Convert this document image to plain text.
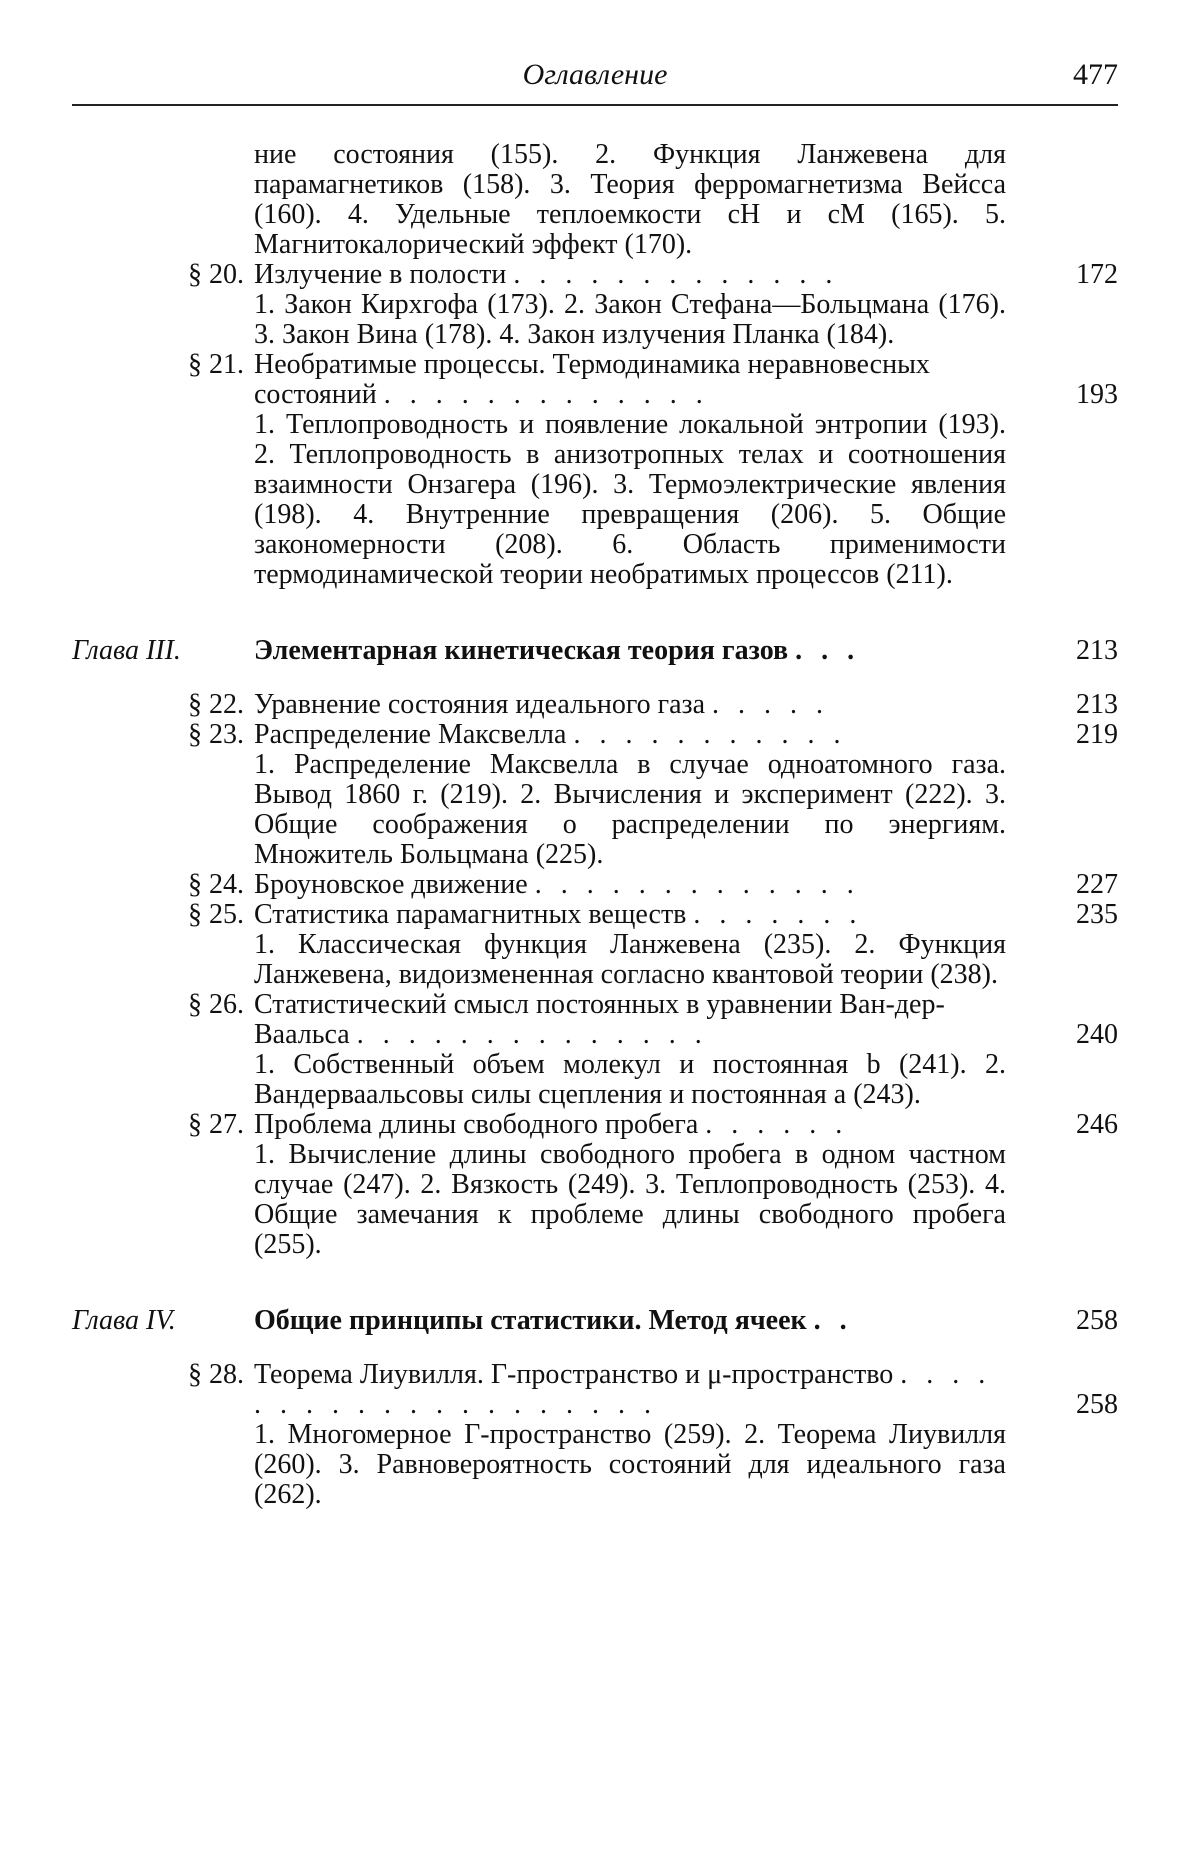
Оглавление	477
ние состояния (155). 2. Функция Ланжевена для парамагнетиков (158). 3. Теория ферромагнетизма Вейсса (160). 4. Удельные теплоемкости cH и cM (165). 5. Магнитокалорический эффект (170).
§ 20. Излучение в полости . . . . . . . . . . . . .	172
1. Закон Кирхгофа (173). 2. Закон Стефана—Больцмана (176). 3. Закон Вина (178). 4. Закон излучения Планка (184).
§ 21. Необратимые процессы. Термодинамика неравновесных состояний . . . . . . . . . . . . .	193
1. Теплопроводность и появление локальной энтропии (193). 2. Теплопроводность в анизотропных телах и соотношения взаимности Онзагера (196). 3. Термоэлектрические явления (198). 4. Внутренние превращения (206). 5. Общие закономерности (208). 6. Область применимости термодинамической теории необратимых процессов (211).
Глава III.	Элементарная кинетическая теория газов . . .	213
§ 22. Уравнение состояния идеального газа . . . . .	213
§ 23. Распределение Максвелла . . . . . . . . . . .	219
1. Распределение Максвелла в случае одноатомного газа. Вывод 1860 г. (219). 2. Вычисления и эксперимент (222). 3. Общие соображения о распределении по энергиям. Множитель Больцмана (225).
§ 24. Броуновское движение . . . . . . . . . . . . .	227
§ 25. Статистика парамагнитных веществ . . . . . . .	235
1. Классическая функция Ланжевена (235). 2. Функция Ланжевена, видоизмененная согласно квантовой теории (238).
§ 26. Статистический смысл постоянных в уравнении Ван-дер-Ваальса . . . . . . . . . . . . . .	240
1. Собственный объем молекул и постоянная b (241). 2. Вандерваальсовы силы сцепления и постоянная a (243).
§ 27. Проблема длины свободного пробега . . . . . .	246
1. Вычисление длины свободного пробега в одном частном случае (247). 2. Вязкость (249). 3. Теплопроводность (253). 4. Общие замечания к проблеме длины свободного пробега (255).
Глава IV.	Общие принципы статистики. Метод ячеек . .	258
§ 28. Теорема Лиувилля. Г-пространство и μ-пространство . . . . . . . . . . . . . . . . . . . .	258
1. Многомерное Г-пространство (259). 2. Теорема Лиувилля (260). 3. Равновероятность состояний для идеального газа (262).
